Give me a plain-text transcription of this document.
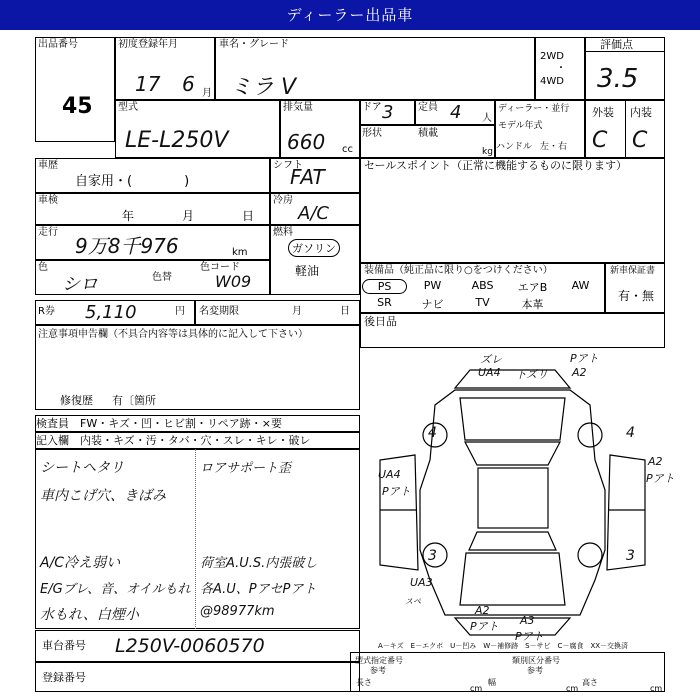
ディーラー出品車
出品番号
45
初度登録年月
17 6 月
車名・グレード
ミラ V
2WD
・
4WD
評価点
3.5
型式
LE-L250V
排気量
660 cc
ドア 3 定員 4 人
ディーラー・並行
モデル年式
ハンドル 左・右
形状	積載
kg
外装 内装
C C
車歴
自家用・(　　　　)
シフト
FAT	セールスポイント（正常に機能するものに限ります）
車検
年	月	日
冷房
A/C
走行
9万8千976	km
燃料
ガソリン
軽油
色
シロ	色替
色コード
W09
装備品（純正品に限り○をつけください）
PS	PW	ABS	エアB	AW
SR	ナビ	TV	本革
新車保証書
有・無
R券 5,110	円 名変期限	月	日
後日品
注意事項申告欄（不具合内容等は具体的に記入して下さい）
修復歴 有〔箇所
検査員 FW・キズ・凹・ヒビ割・リペア跡・×要
記入欄 内装・キズ・汚・タバ・穴・スレ・キレ・破レ
シートヘタリ
車内こげ穴、きばみ
A/C冷え弱い
E/Gブレ、音、オイルもれ
水もれ、白煙小
ロアサポート歪
荷室A.U.S.内張破し
各A.U、PアセPアト
@98977km
ズレ
UA4 下ズリ
Pアト
A2
4	4
UA4
Pアト
A2
Pアト
3	3
UA3
スペ
A2
Pアト A3
Pアト
A－キズ　E－エクボ　U－凹み　W－補修跡　S－サビ　C－腐食　XX－交換済
車台番号 L250V-0060570
登録番号
型式指定番号
参考
類別区分番号
参考
長さ
cm
幅
cm
高さ
cm
